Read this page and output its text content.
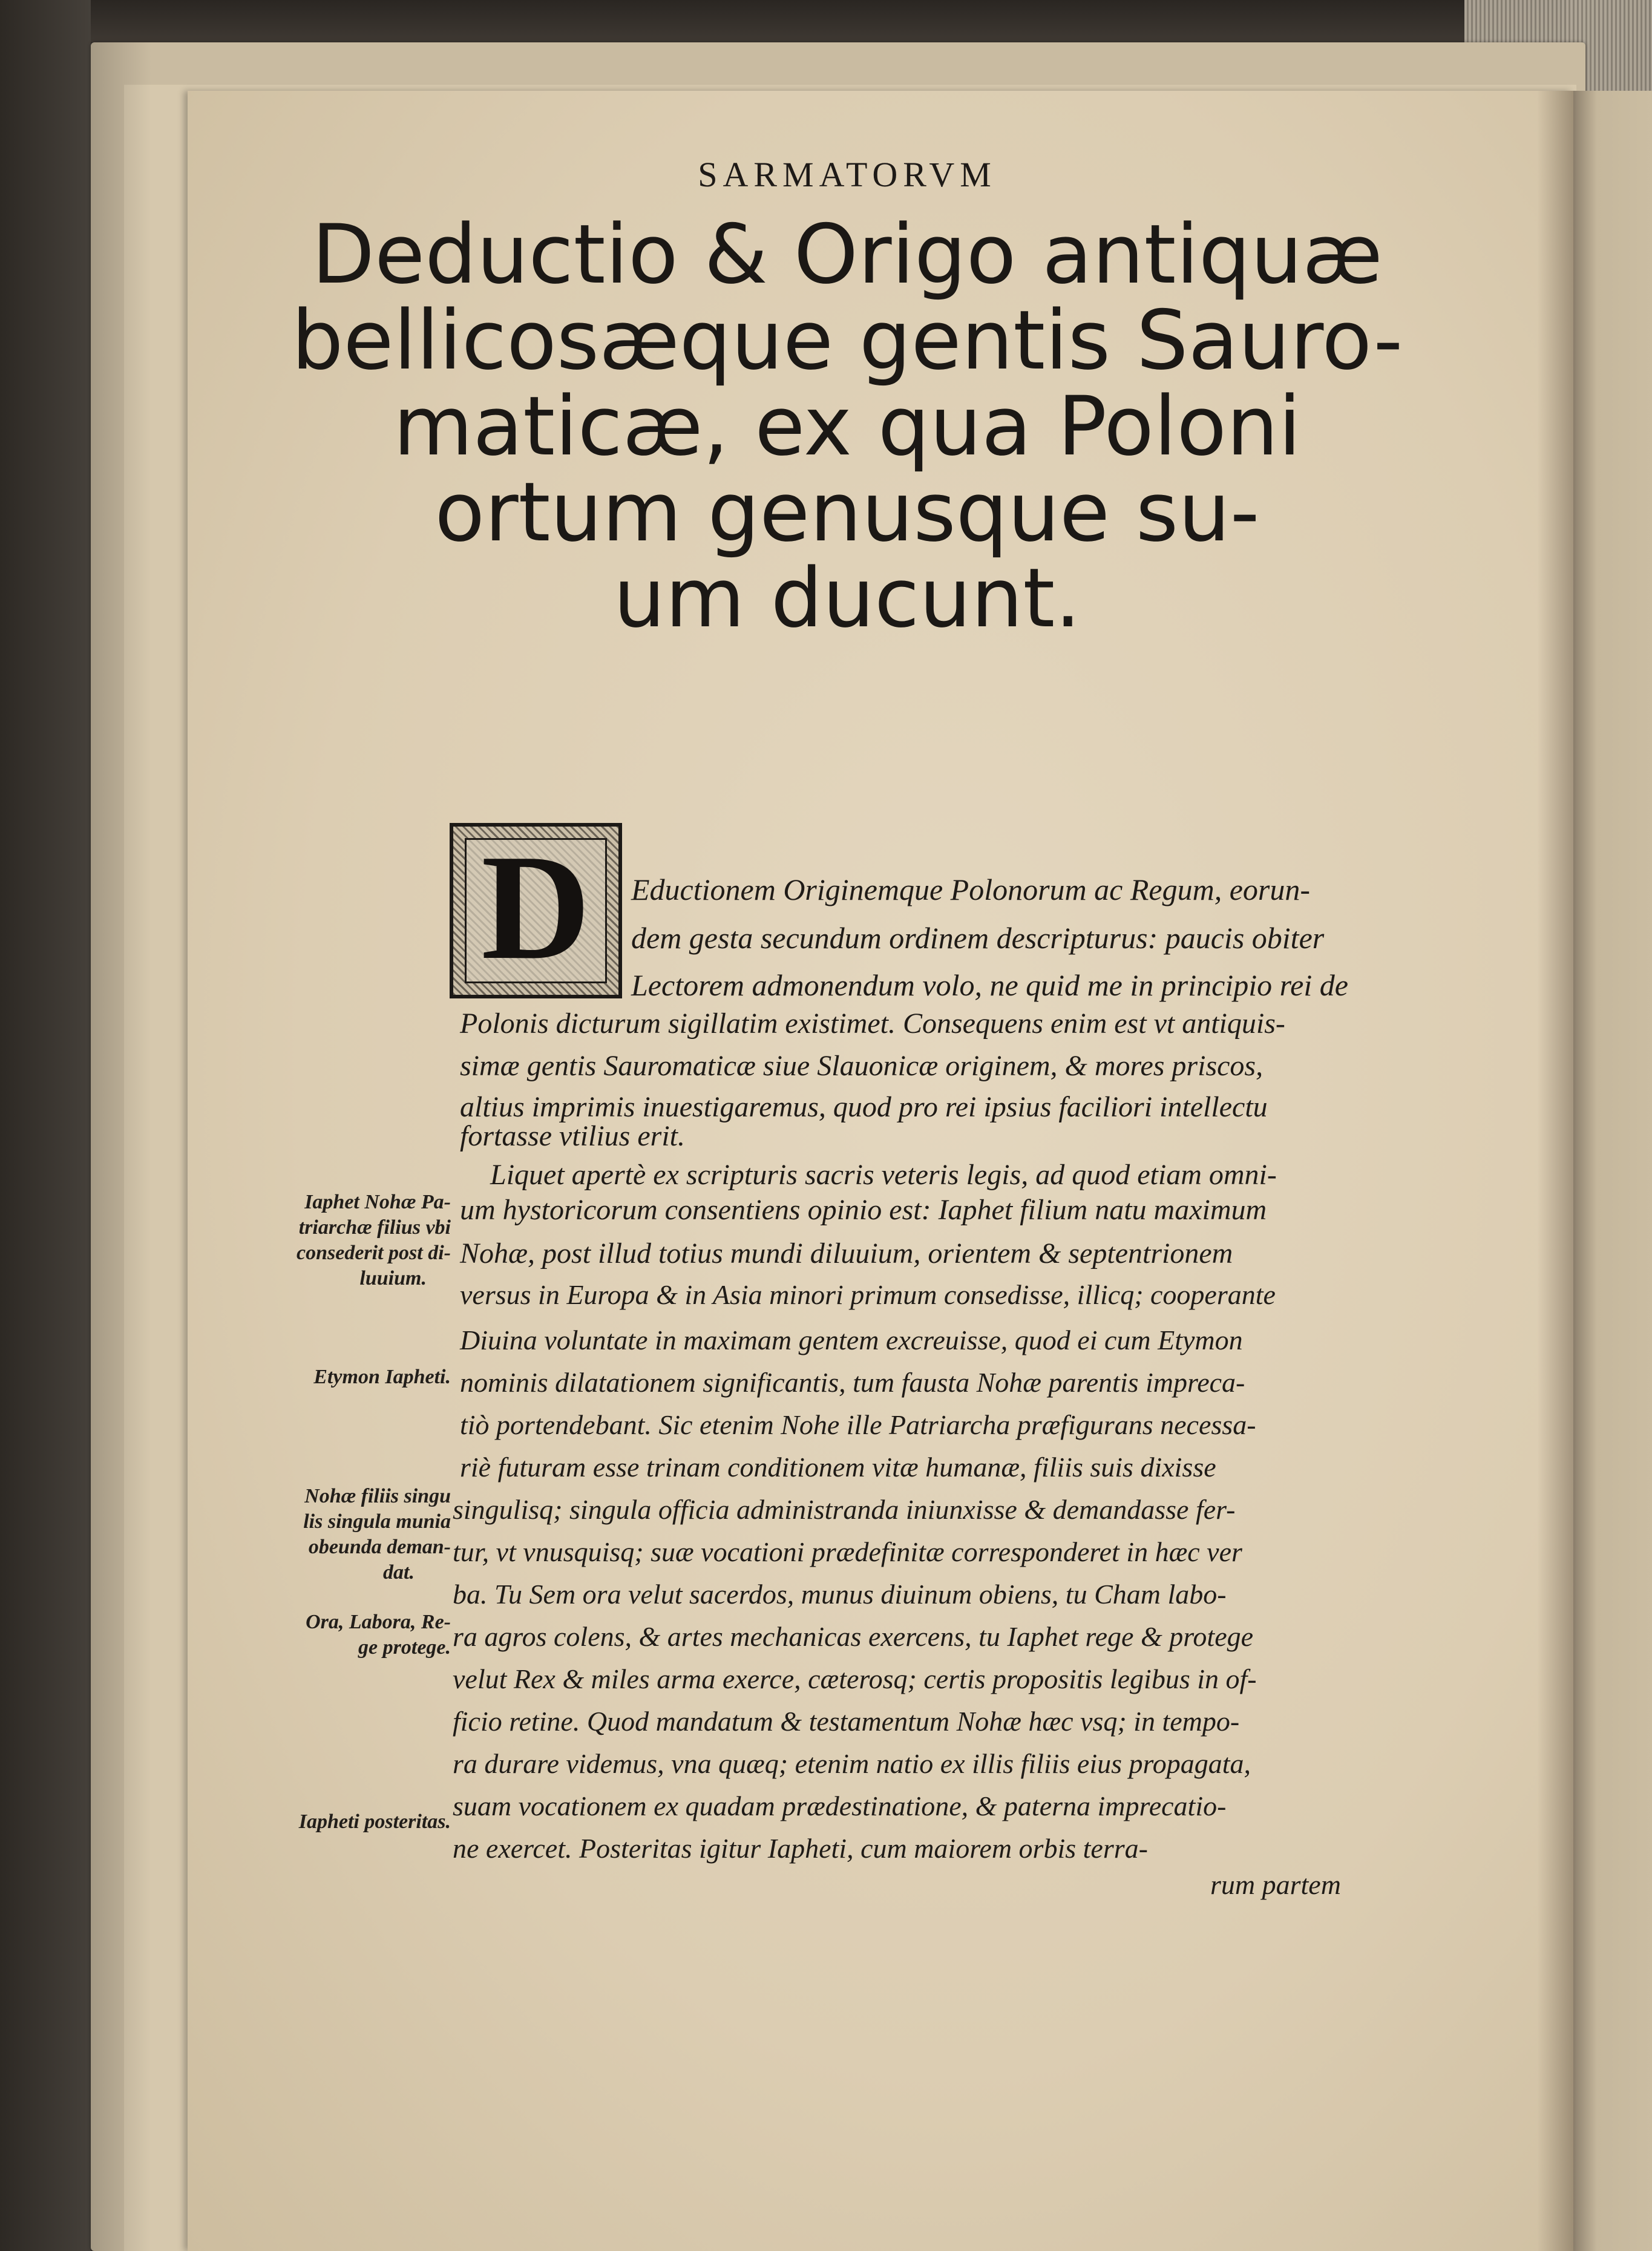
SARMATORVM
Deductio & Origo antiquæ
bellicosæque gentis Sauro-
maticæ, ex qua Poloni
ortum genusque su-
um ducunt.
D Eductionem Originemque Polonorum ac Regum, eorun-
dem gesta secundum ordinem descripturus: paucis obiter
Lectorem admonendum volo, ne quid me in principio rei de
Polonis dicturum sigillatim existimet. Consequens enim est vt antiquis-
simæ gentis Sauromaticæ siue Slauonicæ originem, & mores priscos,
altius imprimis inuestigaremus, quod pro rei ipsius faciliori intellectu
fortasse vtilius erit.
Liquet apertè ex scripturis sacris veteris legis, ad quod etiam omni-
um hystoricorum consentiens opinio est: Iaphet filium natu maximum
Nohæ, post illud totius mundi diluuium, orientem & septentrionem
versus in Europa & in Asia minori primum consedisse, illicq; cooperante
Diuina voluntate in maximam gentem excreuisse, quod ei cum Etymon
nominis dilatationem significantis, tum fausta Nohæ parentis impreca-
tiò portendebant. Sic etenim Nohe ille Patriarcha præfigurans necessa-
riè futuram esse trinam conditionem vitæ humanæ, filiis suis dixisse
singulisq; singula officia administranda iniunxisse & demandasse fer-
tur, vt vnusquisq; suæ vocationi prædefinitæ corresponderet in hæc ver
ba. Tu Sem ora velut sacerdos, munus diuinum obiens, tu Cham labo-
ra agros colens, & artes mechanicas exercens, tu Iaphet rege & protege
velut Rex & miles arma exerce, cæterosq; certis propositis legibus in of-
ficio retine. Quod mandatum & testamentum Nohæ hæc vsq; in tempo-
ra durare videmus, vna quæq; etenim natio ex illis filiis eius propagata,
suam vocationem ex quadam prædestinatione, & paterna imprecatio-
ne exercet. Posteritas igitur Iapheti, cum maiorem orbis terra-
rum partem
Iaphet Nohæ Pa-
triarchæ filius vbi
consederit post di-
luuium.
Etymon Iapheti.
Nohæ filiis singu
lis singula munia
obeunda deman-
dat.
Ora, Labora, Re-
ge protege.
Iapheti posteritas.
